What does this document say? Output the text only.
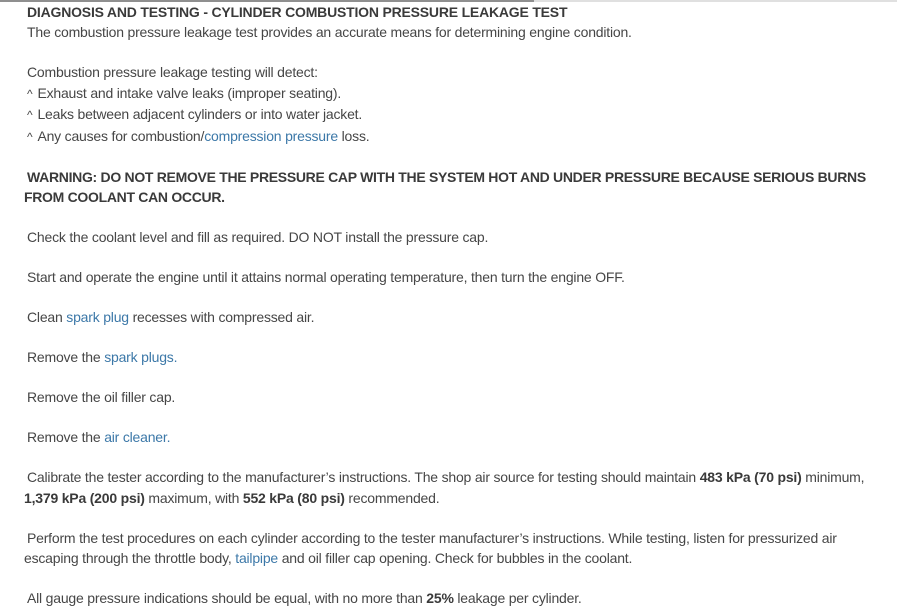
DIAGNOSIS AND TESTING - CYLINDER COMBUSTION PRESSURE LEAKAGE TEST

The combustion pressure leakage test provides an accurate means for determining engine condition.

Combustion pressure leakage testing will detect:
^ Exhaust and intake valve leaks (improper seating).
^ Leaks between adjacent cylinders or into water jacket.
^ Any causes for combustion/compression pressure loss.

WARNING: DO NOT REMOVE THE PRESSURE CAP WITH THE SYSTEM HOT AND UNDER PRESSURE BECAUSE SERIOUS BURNS FROM COOLANT CAN OCCUR.

Check the coolant level and fill as required. DO NOT install the pressure cap.

Start and operate the engine until it attains normal operating temperature, then turn the engine OFF.

Clean spark plug recesses with compressed air.

Remove the spark plugs.

Remove the oil filler cap.

Remove the air cleaner.

Calibrate the tester according to the manufacturer’s instructions. The shop air source for testing should maintain 483 kPa (70 psi) minimum, 1,379 kPa (200 psi) maximum, with 552 kPa (80 psi) recommended.

Perform the test procedures on each cylinder according to the tester manufacturer’s instructions. While testing, listen for pressurized air escaping through the throttle body, tailpipe and oil filler cap opening. Check for bubbles in the coolant.

All gauge pressure indications should be equal, with no more than 25% leakage per cylinder.
